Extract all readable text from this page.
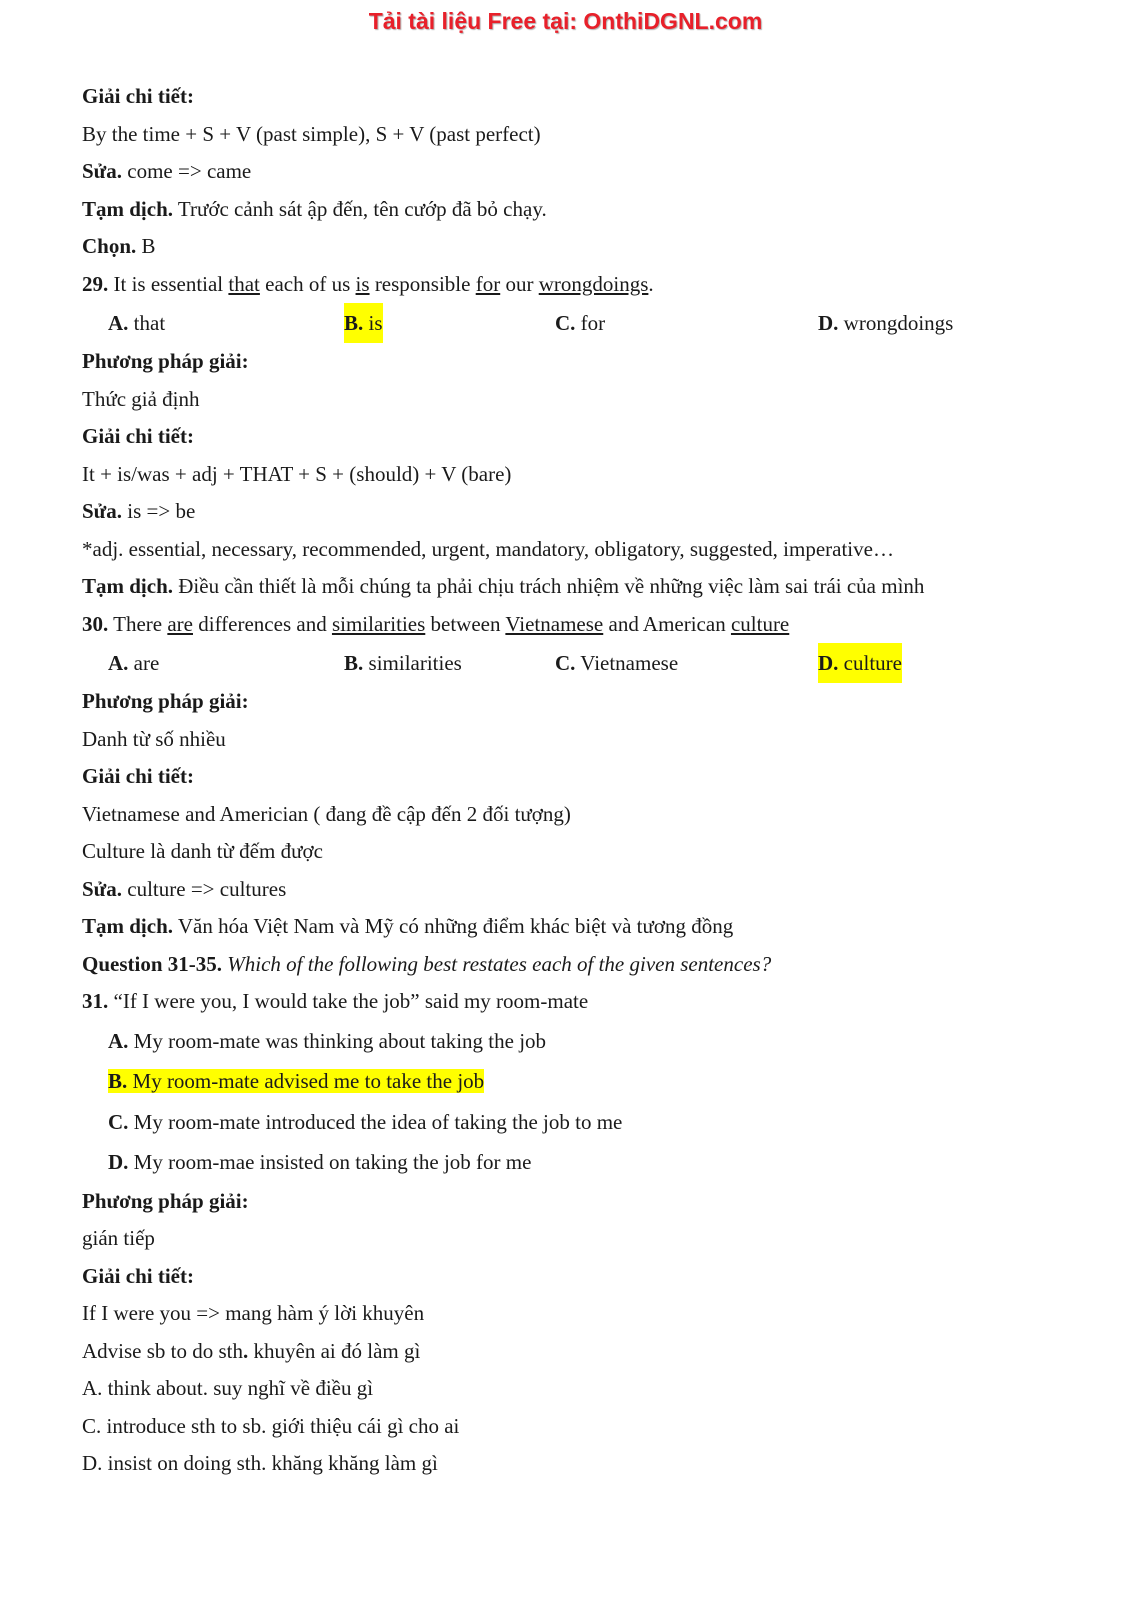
Tải tài liệu Free tại: OnthiDGNL.com
Giải chi tiết:
By the time + S + V (past simple), S + V (past perfect)
Sửa. come => came
Tạm dịch. Trước cảnh sát ập đến, tên cướp đã bỏ chạy.
Chọn. B
29. It is essential that each of us is responsible for our wrongdoings.
A. that	B. is	C. for	D. wrongdoings
Phương pháp giải:
Thức giả định
Giải chi tiết:
It + is/was + adj + THAT + S + (should) + V (bare)
Sửa. is => be
*adj. essential, necessary, recommended, urgent, mandatory, obligatory, suggested, imperative…
Tạm dịch. Điều cần thiết là mỗi chúng ta phải chịu trách nhiệm về những việc làm sai trái của mình
30. There are differences and similarities between Vietnamese and American culture
A. are	B. similarities	C. Vietnamese	D. culture
Phương pháp giải:
Danh từ số nhiều
Giải chi tiết:
Vietnamese and Americian ( đang đề cập đến 2 đối tượng)
Culture là danh từ đếm được
Sửa. culture => cultures
Tạm dịch. Văn hóa Việt Nam và Mỹ có những điểm khác biệt và tương đồng
Question 31-35. Which of the following best restates each of the given sentences?
31. “If I were you, I would take the job” said my room-mate
A. My room-mate was thinking about taking the job
B. My room-mate advised me to take the job
C. My room-mate introduced the idea of taking the job to me
D. My room-mae insisted on taking the job for me
Phương pháp giải:
gián tiếp
Giải chi tiết:
If I were you => mang hàm ý lời khuyên
Advise sb to do sth. khuyên ai đó làm gì
A. think about. suy nghĩ về điều gì
C. introduce sth to sb. giới thiệu cái gì cho ai
D. insist on doing sth. khăng khăng làm gì
